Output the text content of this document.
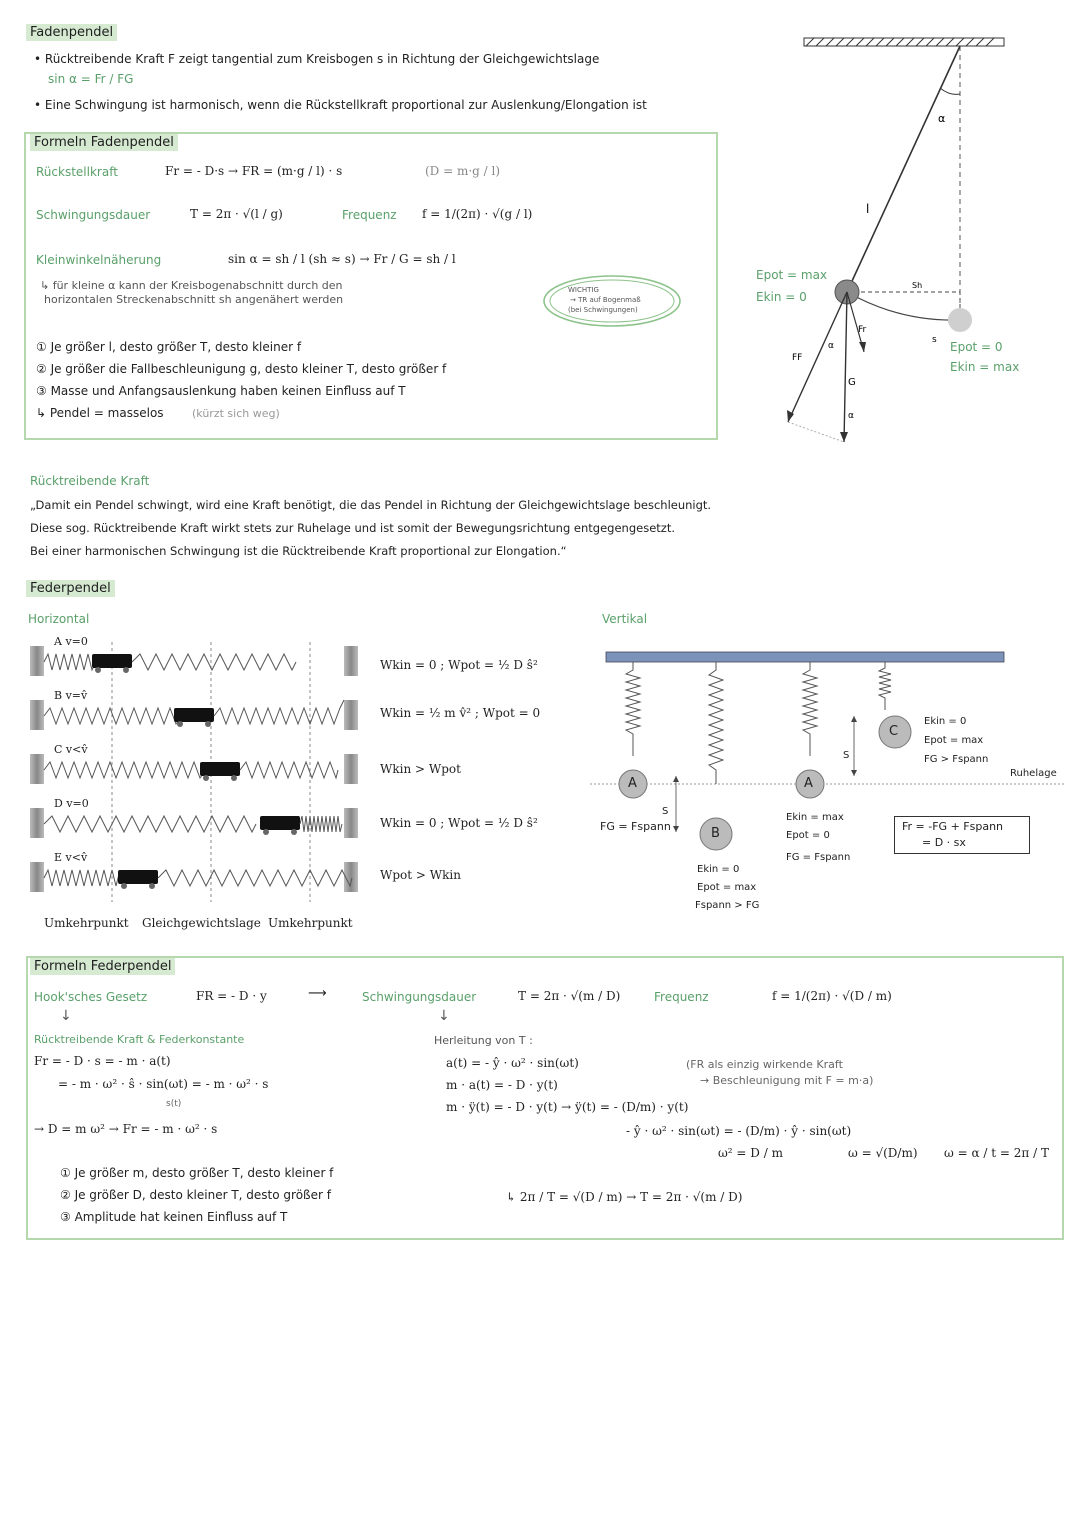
Fadenpendel
• Rücktreibende Kraft F zeigt tangential zum Kreisbogen s in Richtung der Gleichgewichtslage
sin α = Fr / FG
• Eine Schwingung ist harmonisch, wenn die Rückstellkraft proportional zur Auslenkung/Elongation ist
Formeln Fadenpendel
Rückstellkraft	Fr = - D·s → FR = (m·g / l) · s	(D = m·g / l)
Schwingungsdauer	T = 2π · √(l / g)	Frequenz f = 1/(2π) · √(g / l)
Kleinwinkelnäherung	sin α = sh / l (sh ≈ s) → Fr / G = sh / l
↳ für kleine α kann der Kreisbogenabschnitt durch den
horizontalen Streckenabschnitt sh angenähert werden
WICHTIG
→ TR auf Bogenmaß
(bei Schwingungen)
① Je größer l, desto größer T, desto kleiner f
② Je größer die Fallbeschleunigung g, desto kleiner T, desto größer f
③ Masse und Anfangsauslenkung haben keinen Einfluss auf T
↳ Pendel = masselos	(kürzt sich weg)
α
l
Sh
s
α
α
Fr
G
FF
Epot = max
Ekin = 0
Epot = 0
Ekin = max
Rücktreibende Kraft
„Damit ein Pendel schwingt, wird eine Kraft benötigt, die das Pendel in Richtung der Gleichgewichtslage beschleunigt.
Diese sog. Rücktreibende Kraft wirkt stets zur Ruhelage und ist somit der Bewegungsrichtung entgegengesetzt.
Bei einer harmonischen Schwingung ist die Rücktreibende Kraft proportional zur Elongation.“
Federpendel
Horizontal	Vertikal
A v=0
B v=v̂
C v<v̂
D v=0
E v<v̂
Wkin = 0 ; Wpot = ½ D ŝ²
Wkin = ½ m v̂² ; Wpot = 0
Wkin > Wpot
Wkin = 0 ; Wpot = ½ D ŝ²
Wpot > Wkin
Umkehrpunkt Gleichgewichtslage Umkehrpunkt
A
B
A
C
S
S
FG = Fspann
Ekin = 0
Epot = max
Fspann > FG
Ekin = max
Epot = 0
FG = Fspann
Ekin = 0
Epot = max
FG > Fspann
Ruhelage
Fr = -FG + Fspann
= D · sx
Formeln Federpendel
Hook'sches Gesetz	FR = - D · y	⟶	Schwingungsdauer	T = 2π · √(m / D)	Frequenz	f = 1/(2π) · √(D / m)
↓
Rücktreibende Kraft & Federkonstante
Fr = - D · s = - m · a(t)
= - m · ω² · ŝ · sin(ωt) = - m · ω² · s
s(t)
→ D = m ω² → Fr = - m · ω² · s
↓
Herleitung von T :
a(t) = - ŷ · ω² · sin(ωt)
m · a(t) = - D · y(t)
m · ÿ(t) = - D · y(t) → ÿ(t) = - (D/m) · y(t)
- ŷ · ω² · sin(ωt) = - (D/m) · ŷ · sin(ωt)
ω² = D / m	ω = √(D/m) ω = α / t = 2π / T
(FR als einzig wirkende Kraft
→ Beschleunigung mit F = m·a)
① Je größer m, desto größer T, desto kleiner f
② Je größer D, desto kleiner T, desto größer f
③ Amplitude hat keinen Einfluss auf T
↳ 2π / T = √(D / m) → T = 2π · √(m / D)
